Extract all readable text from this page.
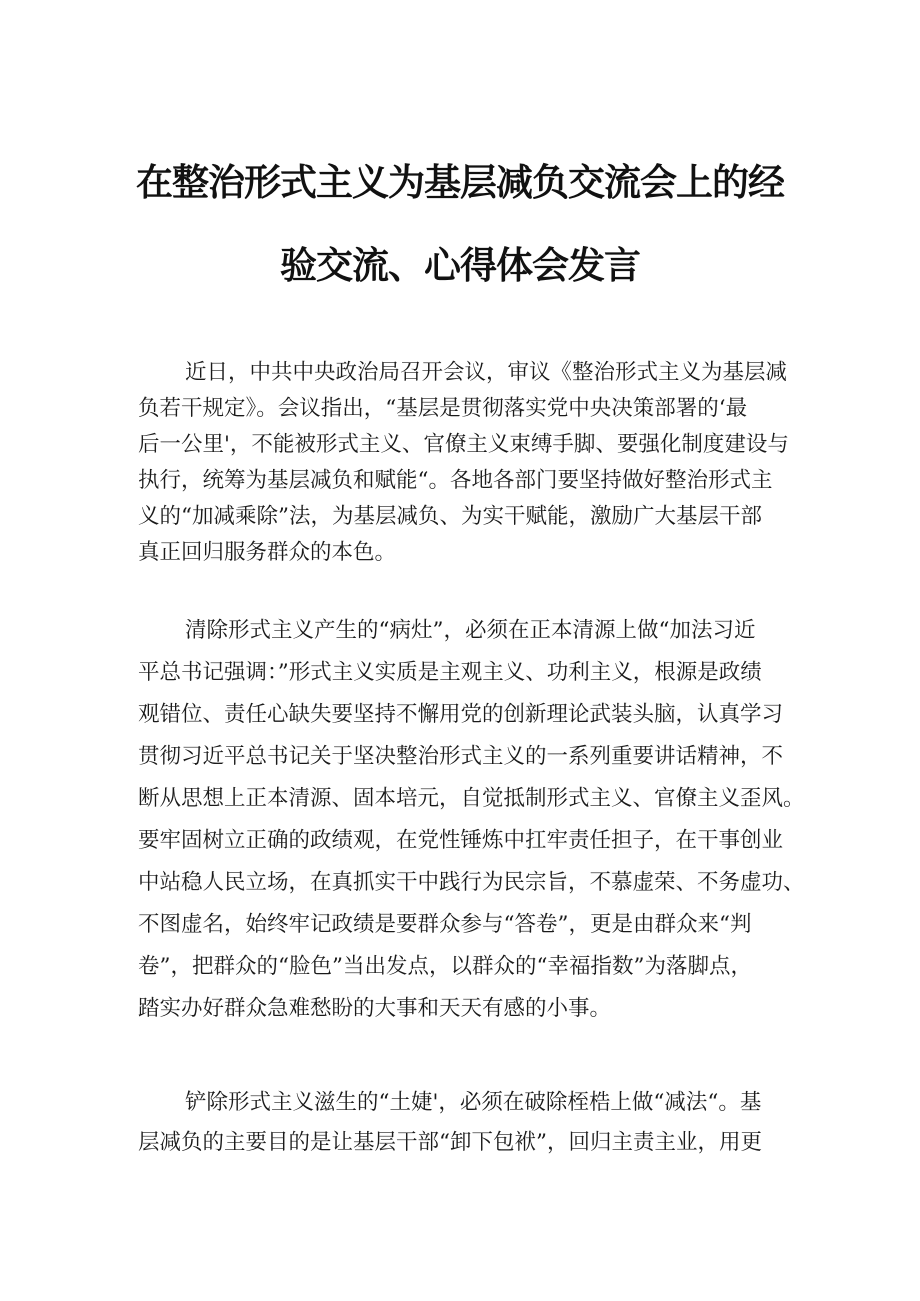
在整治形式主义为基层减负交流会上的经
验交流、心得体会发言
近日，中共中央政治局召开会议，审议《整治形式主义为基层减
负若干规定》。会议指出，“基层是贯彻落实党中央决策部署的‘最
后一公里'，不能被形式主义、官僚主义束缚手脚、要强化制度建设与
执行，统筹为基层减负和赋能“。各地各部门要坚持做好整治形式主
义的“加减乘除”法，为基层减负、为实干赋能，激励广大基层干部
真正回归服务群众的本色。
清除形式主义产生的“病灶”，必须在正本清源上做“加法习近
平总书记强调：”形式主义实质是主观主义、功利主义，根源是政绩
观错位、责任心缺失要坚持不懈用党的创新理论武装头脑，认真学习
贯彻习近平总书记关于坚决整治形式主义的一系列重要讲话精神，不
断从思想上正本清源、固本培元，自觉抵制形式主义、官僚主义歪风。
要牢固树立正确的政绩观，在党性锤炼中扛牢责任担子，在干事创业
中站稳人民立场，在真抓实干中践行为民宗旨，不慕虚荣、不务虚功、
不图虚名，始终牢记政绩是要群众参与“答卷”，更是由群众来“判
卷”，把群众的“脸色”当出发点，以群众的“幸福指数”为落脚点，
踏实办好群众急难愁盼的大事和天天有感的小事。
铲除形式主义滋生的“土婕'，必须在破除桎梏上做“减法“。基
层减负的主要目的是让基层干部“卸下包袱”，回归主责主业，用更
